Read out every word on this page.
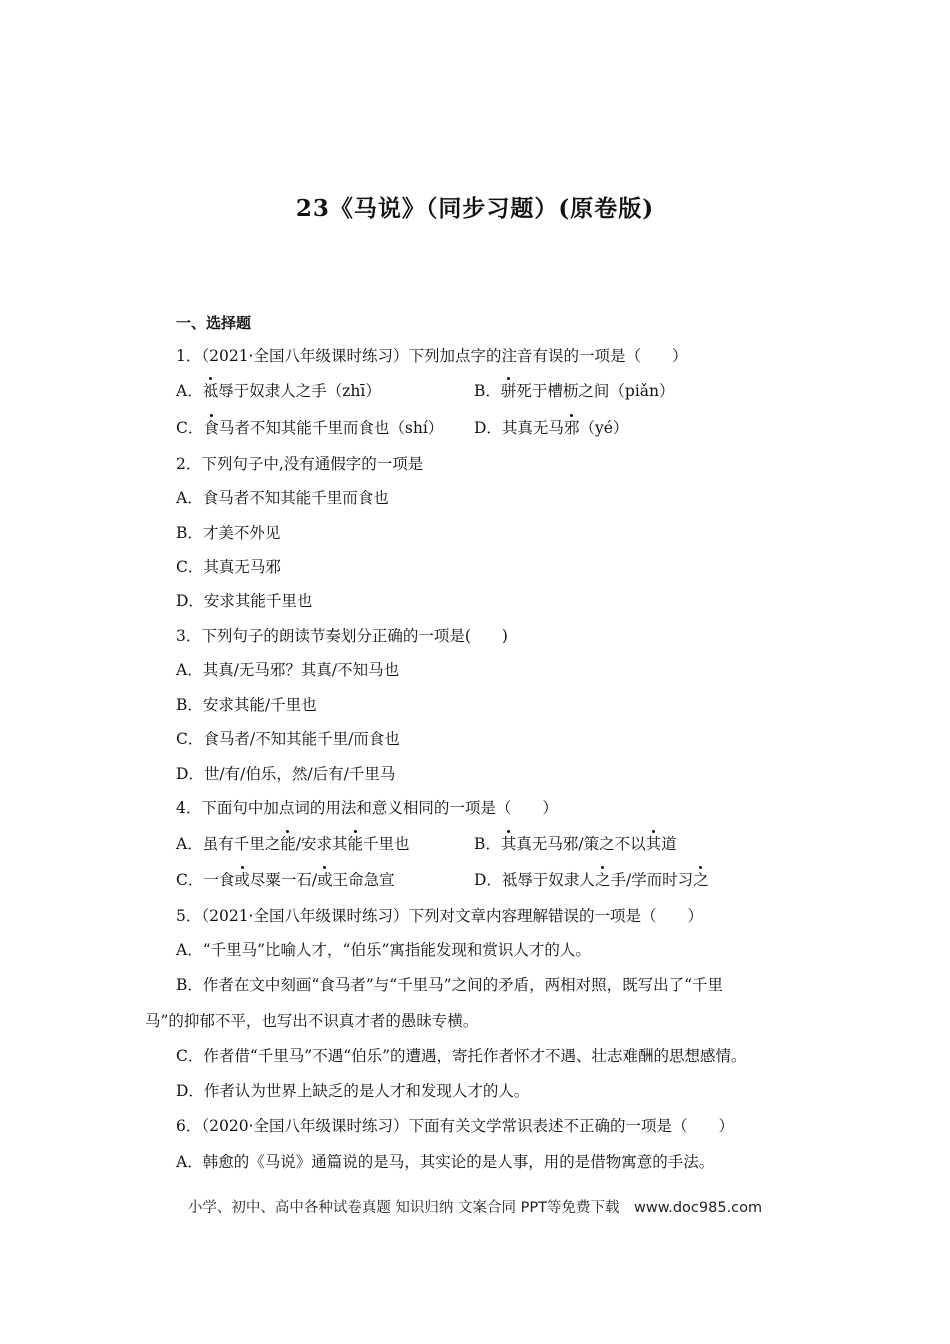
23《马说》（同步习题）(原卷版)
一、选择题
1．（2021·全国八年级课时练习）下列加点字的注音有误的一项是（　　）
A．祗辱于奴隶人之手（zhī）	B．骈死于槽枥之间（piǎn）
C．食马者不知其能千里而食也（shí） D．其真无马邪（yé）
2．下列句子中,没有通假字的一项是
A．食马者不知其能千里而食也
B．才美不外见
C．其真无马邪
D．安求其能千里也
3．下列句子的朗读节奏划分正确的一项是(　　)
A．其真/无马邪？其真/不知马也
B．安求其能/千里也
C．食马者/不知其能千里/而食也
D．世/有/伯乐，然/后有/千里马
4．下面句中加点词的用法和意义相同的一项是（　　）
A．虽有千里之能/安求其能千里也	B．其真无马邪/策之不以其道
C．一食或尽粟一石/或王命急宣	D．祗辱于奴隶人之手/学而时习之
5．（2021·全国八年级课时练习）下列对文章内容理解错误的一项是（　　）
A．“千里马”比喻人才，“伯乐”寓指能发现和赏识人才的人。
B．作者在文中刻画“食马者”与“千里马”之间的矛盾，两相对照，既写出了“千里
马”的抑郁不平，也写出不识真才者的愚昧专横。
C．作者借“千里马”不遇“伯乐”的遭遇，寄托作者怀才不遇、壮志难酬的思想感情。
D．作者认为世界上缺乏的是人才和发现人才的人。
6．（2020·全国八年级课时练习）下面有关文学常识表述不正确的一项是（　　）
A．韩愈的《马说》通篇说的是马，其实论的是人事，用的是借物寓意的手法。
小学、初中、高中各种试卷真题 知识归纳 文案合同 PPT等免费下载　www.doc985.com
